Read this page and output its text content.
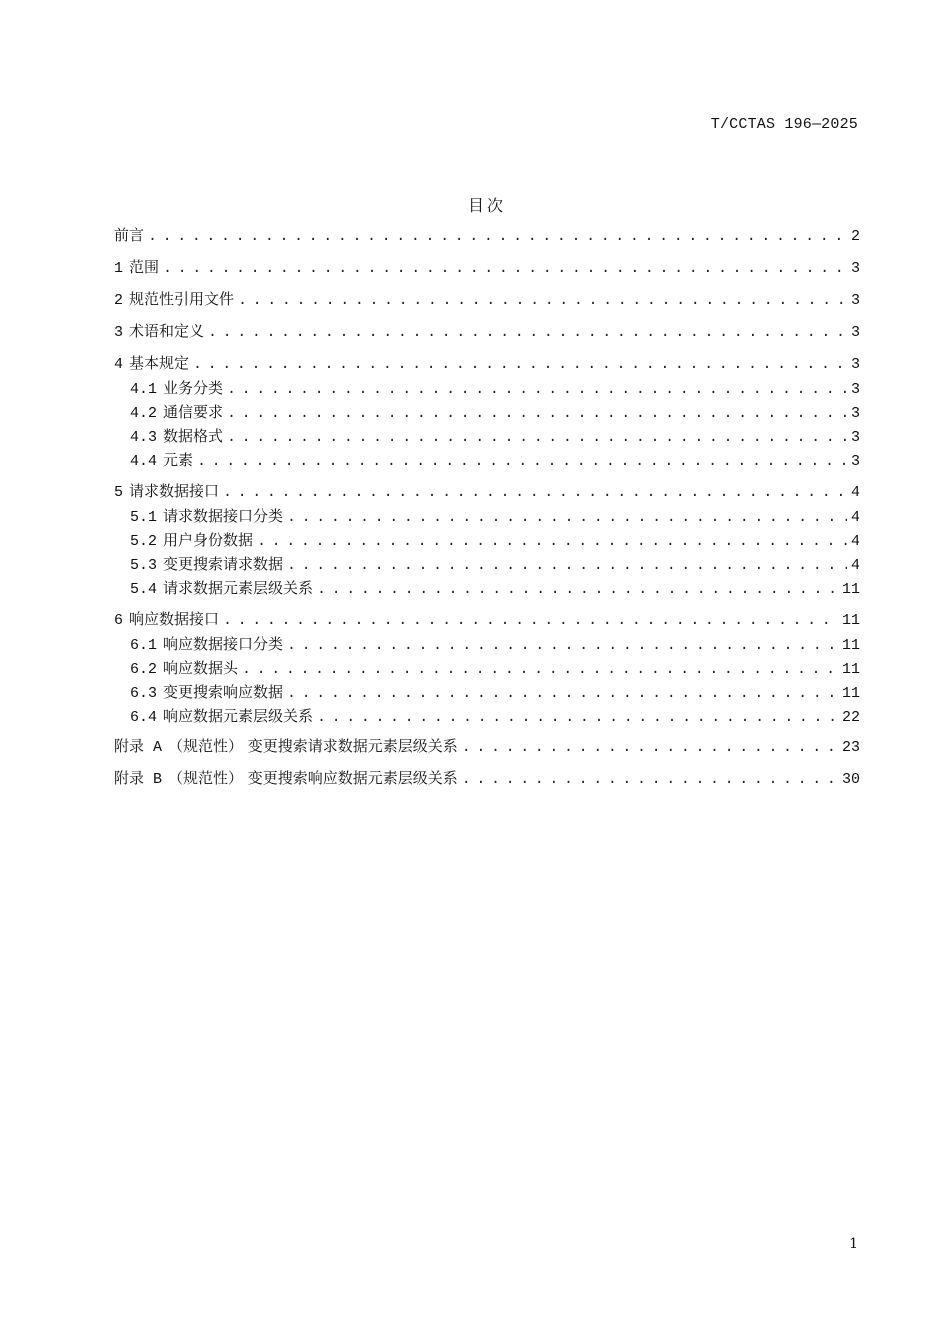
T/CCTAS 196—2025
目次
前言 . . .	2
1 范围 . . .	3
2 规范性引用文件 . . .	3
3 术语和定义 . . .	3
4 基本规定 . . .	3
4.1 业务分类 . . .	3
4.2 通信要求 . . .	3
4.3 数据格式 . . .	3
4.4 元素 . . .	3
5 请求数据接口 . . .	4
5.1 请求数据接口分类 . . .	4
5.2 用户身份数据 . . .	4
5.3 变更搜索请求数据 . . .	4
5.4 请求数据元素层级关系 . . .	11
6 响应数据接口 . . .	11
6.1 响应数据接口分类 . . .	11
6.2 响应数据头 . . .	11
6.3 变更搜索响应数据 . . .	11
6.4 响应数据元素层级关系 . . .	22
附录 A （规范性） 变更搜索请求数据元素层级关系 . . .	23
附录 B （规范性） 变更搜索响应数据元素层级关系 . . .	30
1
